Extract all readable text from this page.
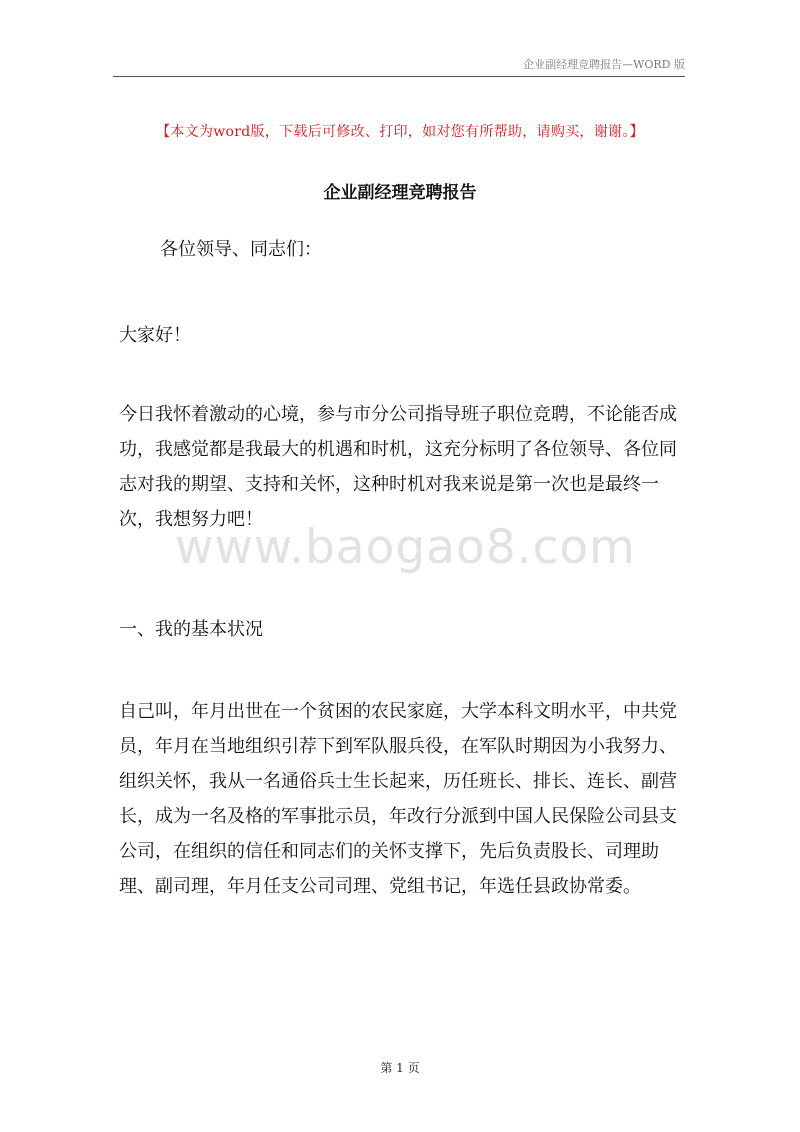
企业副经理竞聘报告—WORD 版
【本文为word版，下载后可修改、打印，如对您有所帮助，请购买，谢谢。】
企业副经理竞聘报告

各位领导、同志们：

大家好！

今日我怀着激动的心境，参与市分公司指导班子职位竞聘，不论能否成功，我感觉都是我最大的机遇和时机，这充分标明了各位领导、各位同志对我的期望、支持和关怀，这种时机对我来说是第一次也是最终一次，我想努力吧！

一、我的基本状况

自己叫，年月出世在一个贫困的农民家庭，大学本科文明水平，中共党员，年月在当地组织引荐下到军队服兵役，在军队时期因为小我努力、组织关怀，我从一名通俗兵士生长起来，历任班长、排长、连长、副营长，成为一名及格的军事批示员，年改行分派到中国人民保险公司县支公司，在组织的信任和同志们的关怀支撑下，先后负责股长、司理助理、副司理，年月任支公司司理、党组书记，年选任县政协常委。

www.baogao8.com
第 1 页
